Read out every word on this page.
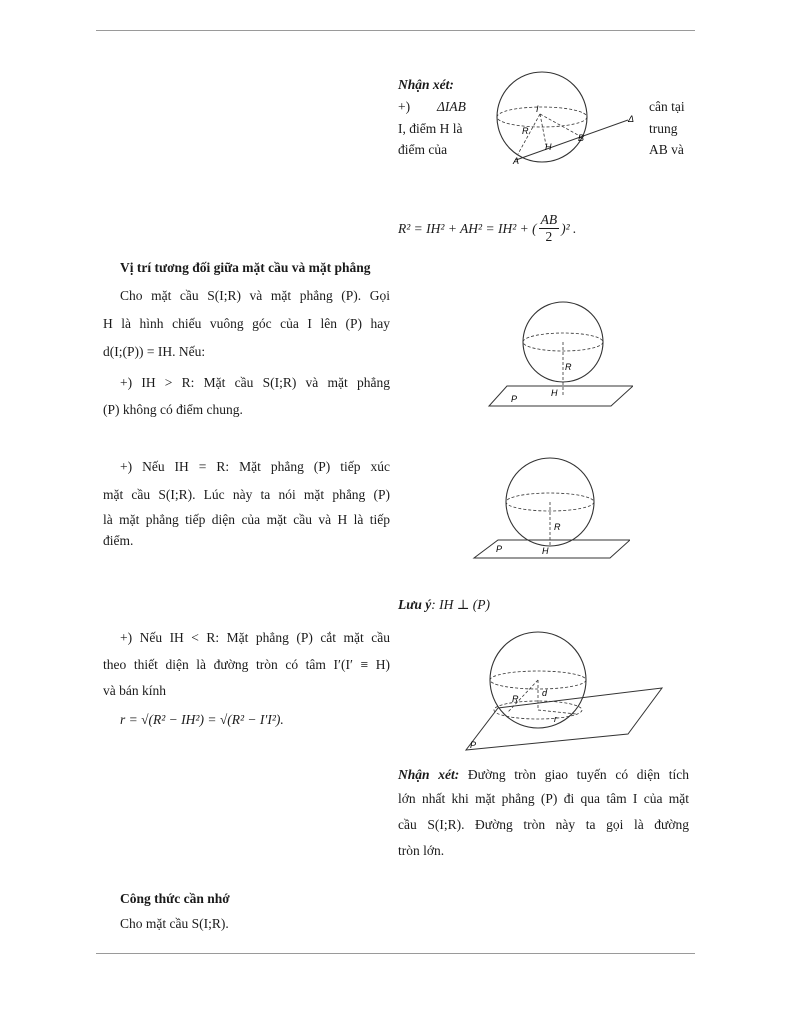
Nhận xét:
+) ΔIAB	cân tại
I, điểm H là	trung
điểm của	AB và
I
R
H
B
A
Δ
R² = IH² + AH² = IH² + ( $\frac{AB}{2} )^2$ .
Vị trí tương đối giữa mặt cầu và mặt phẳng
Cho mặt cầu S(I;R) và mặt phẳng (P). Gọi
H là hình chiếu vuông góc của I lên (P) hay
d(I;(P)) = IH. Nếu:
+) IH > R: Mặt cầu S(I;R) và mặt phẳng
(P) không có điểm chung.
R
P
H
+) Nếu IH = R: Mặt phẳng (P) tiếp xúc
mặt cầu S(I;R). Lúc này ta nói mặt phẳng (P)
là mặt phẳng tiếp diện của mặt cầu và H là tiếp
điểm.
R
P	H
Lưu ý: IH ⊥ (P)
+) Nếu IH < R: Mặt phẳng (P) cắt mặt cầu
theo thiết diện là đường tròn có tâm I′(I′ ≡ H)
và bán kính
r = √(R² − IH²) = √(R² − I′I²).
R
d
r
P
Nhận xét: Đường tròn giao tuyến có diện tích
lớn nhất khi mặt phẳng (P) đi qua tâm I của mặt
cầu S(I;R). Đường tròn này ta gọi là đường
tròn lớn.
Công thức cần nhớ
Cho mặt cầu S(I;R).
